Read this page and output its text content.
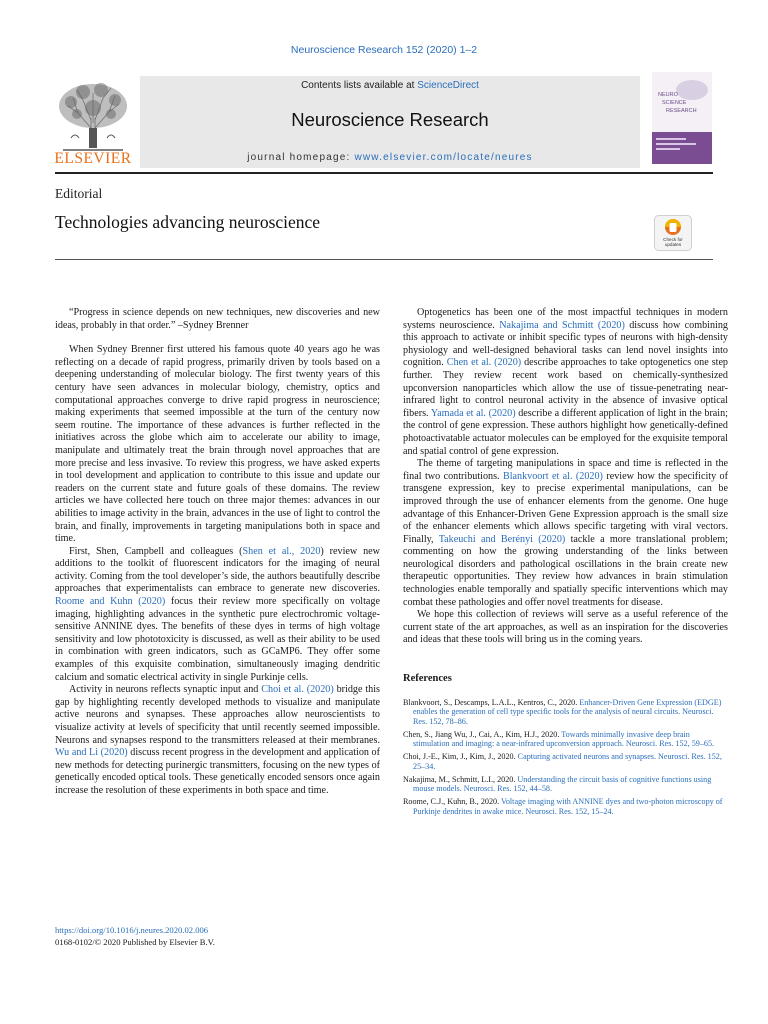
Neuroscience Research 152 (2020) 1–2
ELSEVIER
Contents lists available at ScienceDirect
Neuroscience Research
journal homepage: www.elsevier.com/locate/neures
NEURO
SCIENCE
RESEARCH
Editorial
Technologies advancing neuroscience
Check for
updates

“Progress in science depends on new techniques, new discoveries and new ideas, probably in that order.” –Sydney Brenner

When Sydney Brenner first uttered his famous quote 40 years ago he was reflecting on a decade of rapid progress, primarily driven by tools based on a deepening understanding of molecular biology. The first twenty years of this century have seen advances in molecular biology, chemistry, optics and computational approaches converge to drive rapid progress in neuroscience; making experiments that seemed impossible at the turn of the century now seem routine. The importance of these advances is further reflected in the initiatives across the globe which aim to accelerate our ability to image, manipulate and ultimately treat the brain through novel approaches that are more precise and less invasive. To review this progress, we have asked experts in tool development and application to contribute to this issue and update our readers on the current state and future goals of these domains. The review articles we have collected here touch on three major themes: advances in our abilities to image activity in the brain, advances in the use of light to control the brain, and finally, improvements in targeting manipulations both in space and time.

First, Shen, Campbell and colleagues (Shen et al., 2020) review new additions to the toolkit of fluorescent indicators for the imaging of neural activity. Coming from the tool developer’s side, the authors beautifully describe approaches that experimentalists can embrace to generate new discoveries. Roome and Kuhn (2020) focus their review more specifically on voltage imaging, highlighting advances in the synthetic pure electrochromic voltage-sensitive ANNINE dyes. The benefits of these dyes in terms of high voltage sensitivity and low phototoxicity is discussed, as well as their ability to be used in combination with green indicators, such as GCaMP6. They offer some examples of this exquisite combination, simultaneously imaging dendritic calcium and somatic electrical activity in single Purkinje cells.

Activity in neurons reflects synaptic input and Choi et al. (2020) bridge this gap by highlighting recently developed methods to visualize and manipulate active neurons and synapses. These approaches allow neuroscientists to visualize activity at levels of specificity that until recently seemed impossible. Neurons and synapses respond to the transmitters released at their membranes. Wu and Li (2020) discuss recent progress in the development and application of new methods for detecting purinergic transmitters, focusing on the new types of genetically encoded optical tools. These genetically encoded sensors once again increase the resolution of these experiments in both space and time.

Optogenetics has been one of the most impactful techniques in modern systems neuroscience. Nakajima and Schmitt (2020) discuss how combining this approach to activate or inhibit specific types of neurons with high-density physiology and well-designed behavioral tasks can lend novel insights into cognition. Chen et al. (2020) describe approaches to take optogenetics one step further. They review recent work based on chemically-synthesized upconversion nanoparticles which allow the use of tissue-penetrating near-infrared light to control neuronal activity in the absence of invasive optical fibers. Yamada et al. (2020) describe a different application of light in the brain; the control of gene expression. These authors highlight how genetically-defined photoactivatable actuator molecules can be employed for the exquisite temporal and spatial control of gene expression.

The theme of targeting manipulations in space and time is reflected in the final two contributions. Blankvoort et al. (2020) review how the specificity of transgene expression, key to precise experimental manipulations, can be improved through the use of enhancer elements from the genome. One huge advantage of this Enhancer-Driven Gene Expression approach is the small size of the enhancer elements which allows specific targeting with viral vectors. Finally, Takeuchi and Berényi (2020) tackle a more translational problem; commenting on how the growing understanding of the links between neurological disorders and pathological oscillations in the brain create new therapeutic opportunities. They review how advances in brain stimulation technologies enable temporally and spatially specific interventions which may combat these pathologies and offer novel treatments for disease.

We hope this collection of reviews will serve as a useful reference of the current state of the art approaches, as well as an inspiration for the discoveries and ideas that these tools will bring us in the coming years.

References
Blankvoort, S., Descamps, L.A.L., Kentros, C., 2020. Enhancer-Driven Gene Expression (EDGE) enables the generation of cell type specific tools for the analysis of neural circuits. Neurosci. Res. 152, 78–86.
Chen, S., Jiang Wu, J., Cai, A., Kim, H.J., 2020. Towards minimally invasive deep brain stimulation and imaging: a near-infrared upconversion approach. Neurosci. Res. 152, 59–65.
Choi, J.-E., Kim, J., Kim, J., 2020. Capturing activated neurons and synapses. Neurosci. Res. 152, 25–34.
Nakajima, M., Schmitt, L.I., 2020. Understanding the circuit basis of cognitive functions using mouse models. Neurosci. Res. 152, 44–58.
Roome, C.J., Kuhn, B., 2020. Voltage imaging with ANNINE dyes and two-photon microscopy of Purkinje dendrites in awake mice. Neurosci. Res. 152, 15–24.
https://doi.org/10.1016/j.neures.2020.02.006
0168-0102/© 2020 Published by Elsevier B.V.
